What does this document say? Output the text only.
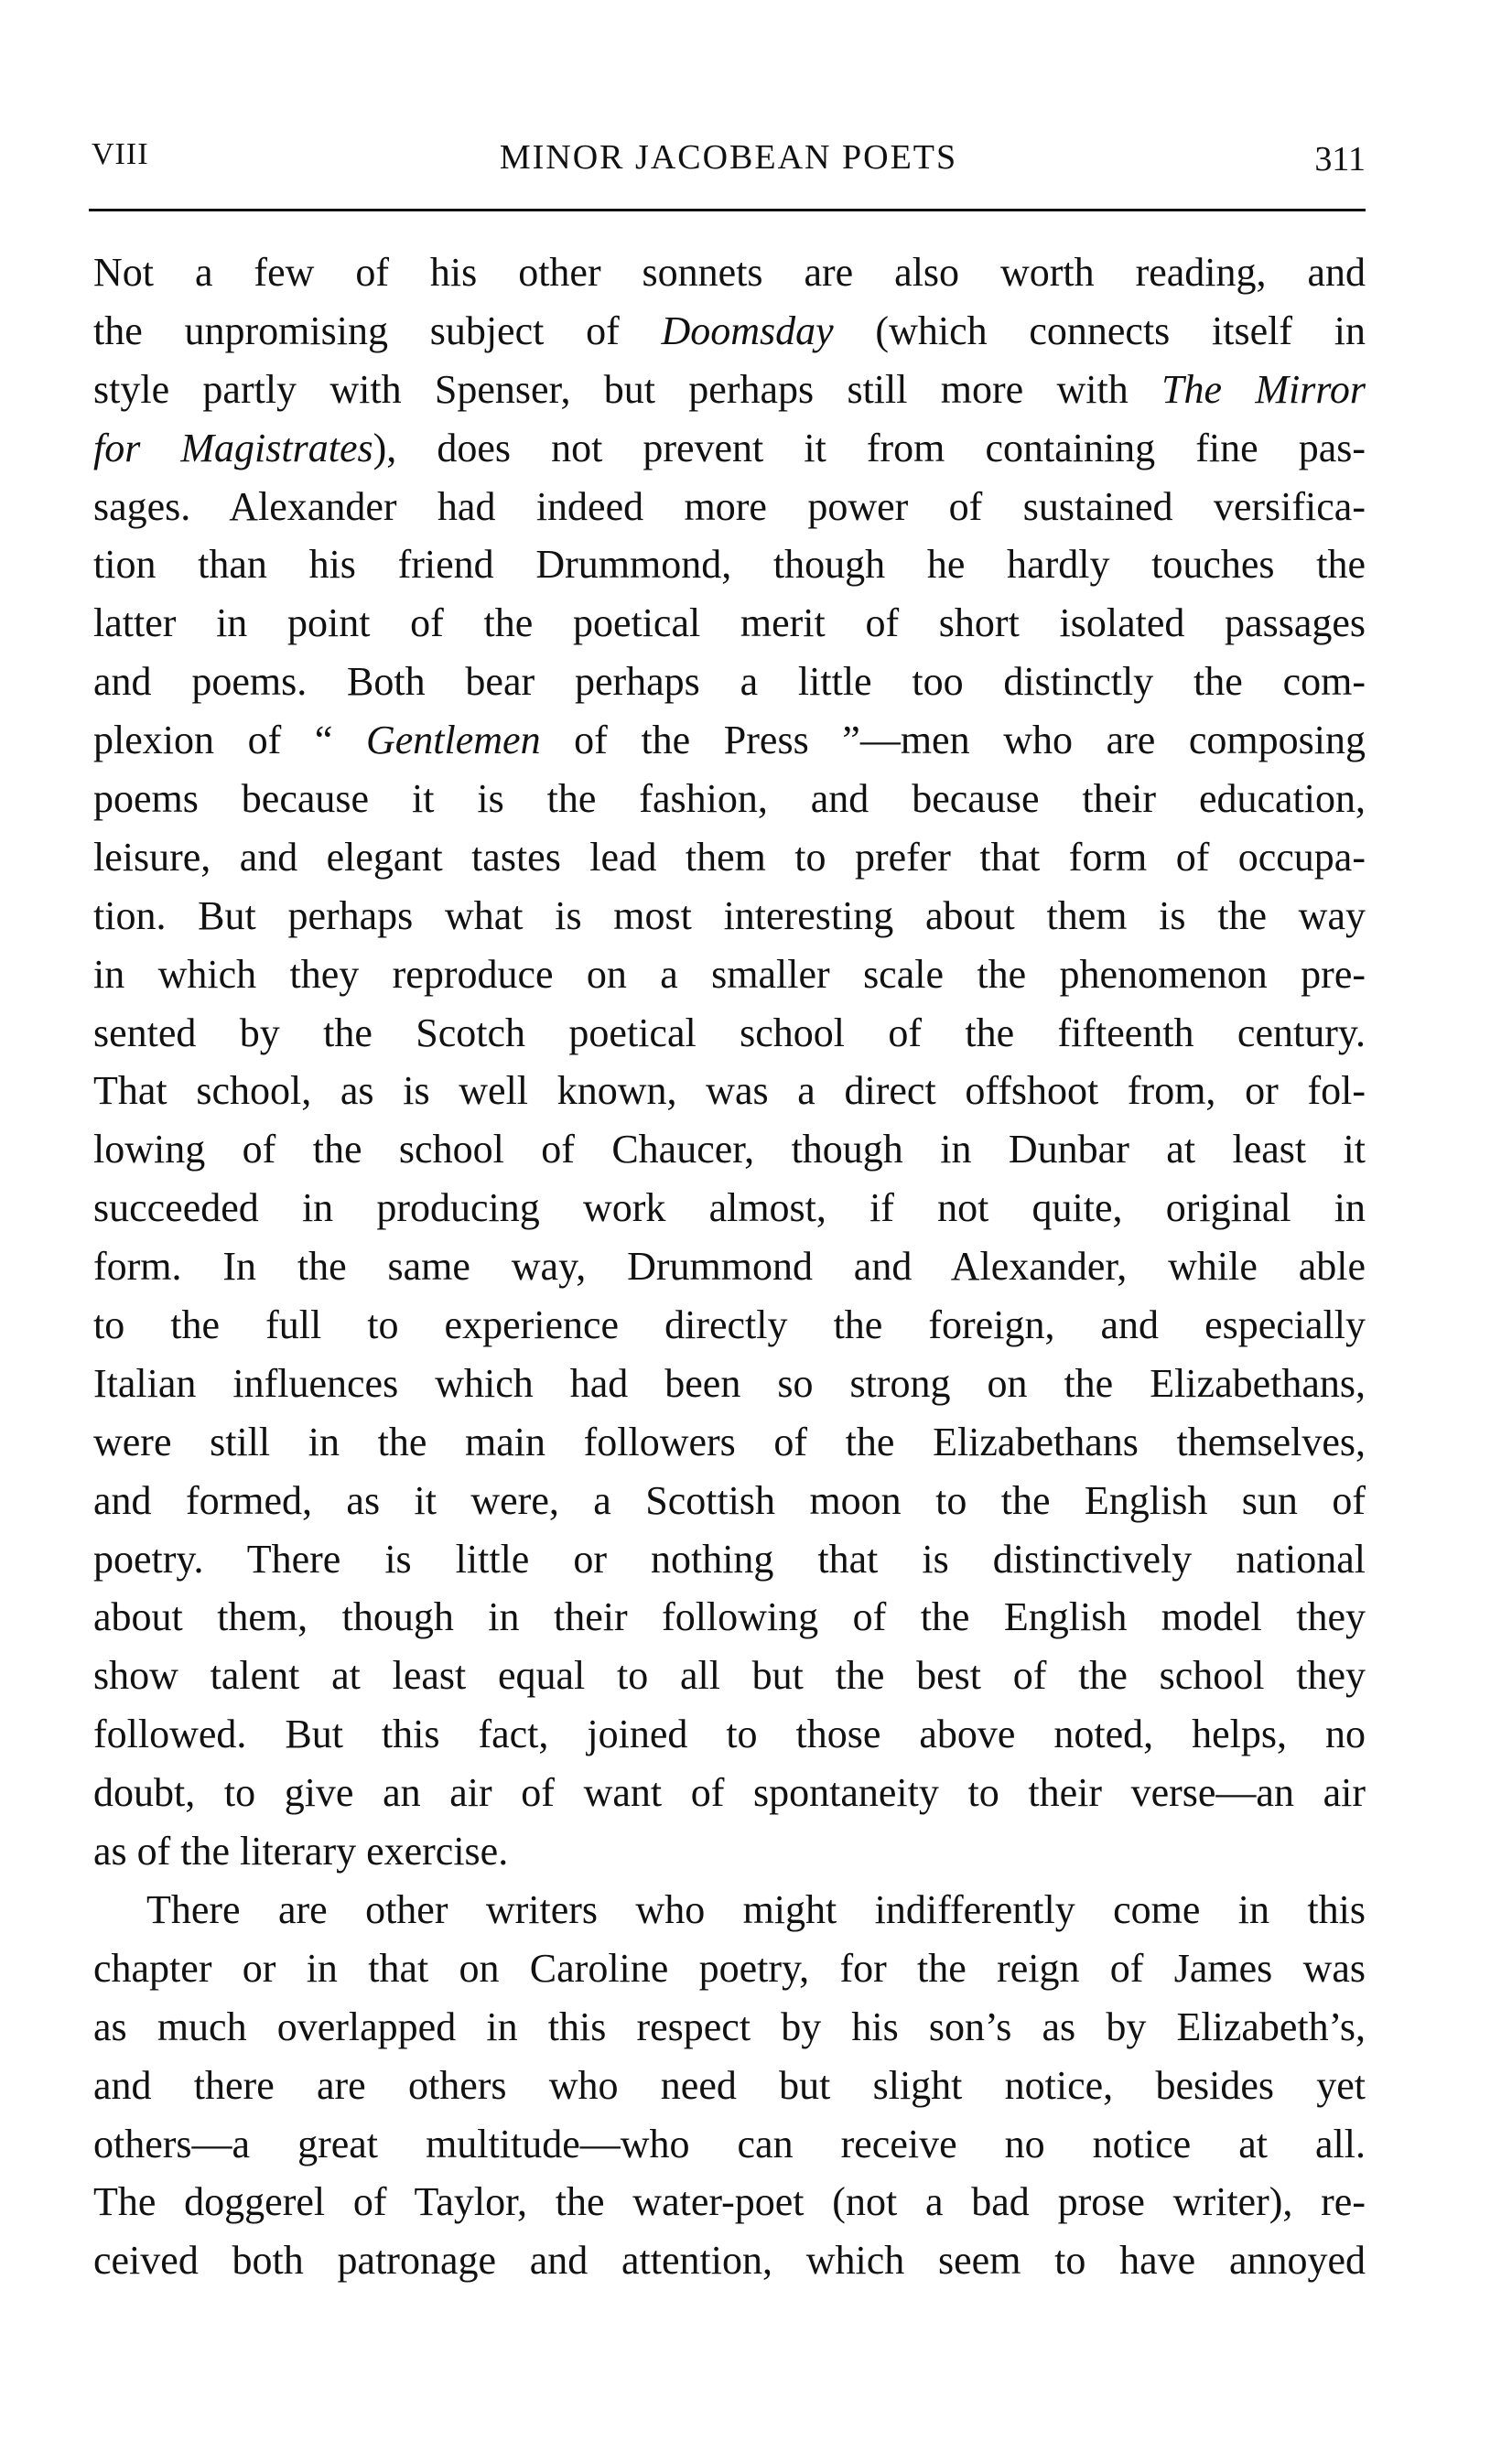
VIII	MINOR JACOBEAN POETS	311
Not a few of his other sonnets are also worth reading, and
the unpromising subject of Doomsday (which connects itself in
style partly with Spenser, but perhaps still more with The Mirror
for Magistrates), does not prevent it from containing fine pas-
sages. Alexander had indeed more power of sustained versifica-
tion than his friend Drummond, though he hardly touches the
latter in point of the poetical merit of short isolated passages
and poems. Both bear perhaps a little too distinctly the com-
plexion of “ Gentlemen of the Press ”—men who are composing
poems because it is the fashion, and because their education,
leisure, and elegant tastes lead them to prefer that form of occupa-
tion. But perhaps what is most interesting about them is the way
in which they reproduce on a smaller scale the phenomenon pre-
sented by the Scotch poetical school of the fifteenth century.
That school, as is well known, was a direct offshoot from, or fol-
lowing of the school of Chaucer, though in Dunbar at least it
succeeded in producing work almost, if not quite, original in
form. In the same way, Drummond and Alexander, while able
to the full to experience directly the foreign, and especially
Italian influences which had been so strong on the Elizabethans,
were still in the main followers of the Elizabethans themselves,
and formed, as it were, a Scottish moon to the English sun of
poetry. There is little or nothing that is distinctively national
about them, though in their following of the English model they
show talent at least equal to all but the best of the school they
followed. But this fact, joined to those above noted, helps, no
doubt, to give an air of want of spontaneity to their verse—an air
as of the literary exercise.
There are other writers who might indifferently come in this
chapter or in that on Caroline poetry, for the reign of James was
as much overlapped in this respect by his son’s as by Elizabeth’s,
and there are others who need but slight notice, besides yet
others—a great multitude—who can receive no notice at all.
The doggerel of Taylor, the water-poet (not a bad prose writer), re-
ceived both patronage and attention, which seem to have annoyed
